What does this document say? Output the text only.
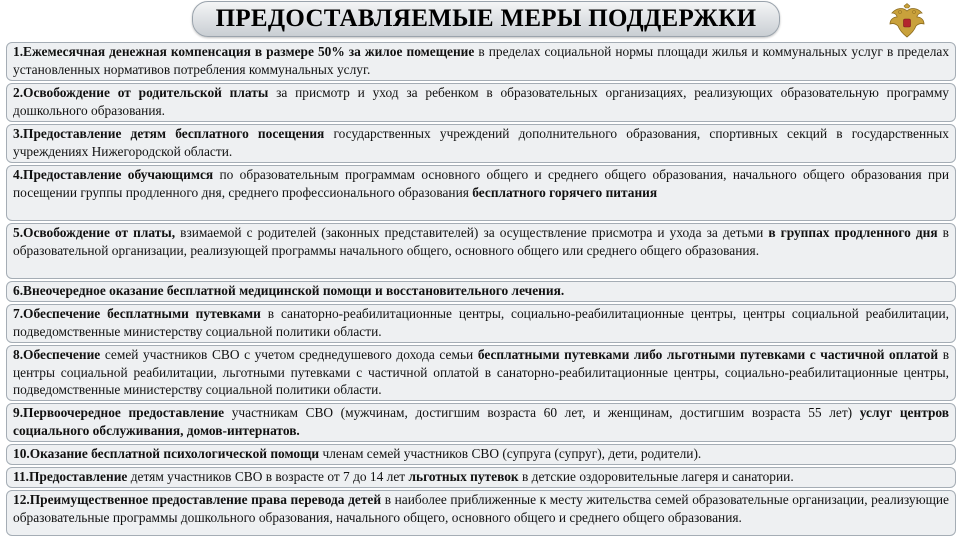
ПРЕДОСТАВЛЯЕМЫЕ МЕРЫ ПОДДЕРЖКИ
1.Ежемесячная денежная компенсация в размере 50% за жилое помещение в пределах социальной нормы площади жилья и коммунальных услуг в пределах установленных нормативов потребления коммунальных услуг.
2.Освобождение от родительской платы за присмотр и уход за ребенком в образовательных организациях, реализующих образовательную программу дошкольного образования.
3.Предоставление детям бесплатного посещения государственных учреждений дополнительного образования, спортивных секций в государственных учреждениях Нижегородской области.
4.Предоставление обучающимся по образовательным программам основного общего и среднего общего образования, начального общего образования при посещении группы продленного дня, среднего профессионального образования бесплатного горячего питания
5.Освобождение от платы, взимаемой с родителей (законных представителей) за осуществление присмотра и ухода за детьми в группах продленного дня в образовательной организации, реализующей программы начального общего, основного общего или среднего общего образования.
6.Внеочередное оказание бесплатной медицинской помощи и восстановительного лечения.
7.Обеспечение бесплатными путевками в санаторно-реабилитационные центры, социально-реабилитационные центры, центры социальной реабилитации, подведомственные министерству социальной политики области.
8.Обеспечение семей участников СВО с учетом среднедушевого дохода семьи бесплатными путевками либо льготными путевками с частичной оплатой в центры социальной реабилитации, льготными путевками с частичной оплатой в санаторно-реабилитационные центры, социально-реабилитационные центры, подведомственные министерству социальной политики области.
9.Первоочередное предоставление участникам СВО (мужчинам, достигшим возраста 60 лет, и женщинам, достигшим возраста 55 лет) услуг центров социального обслуживания, домов-интернатов.
10.Оказание бесплатной психологической помощи членам семей участников СВО (супруга (супруг), дети, родители).
11.Предоставление детям участников СВО в возрасте от 7 до 14 лет льготных путевок в детские оздоровительные лагеря и санатории.
12.Преимущественное предоставление права перевода детей в наиболее приближенные к месту жительства семей образовательные организации, реализующие образовательные программы дошкольного образования, начального общего, основного общего и среднего общего образования.
